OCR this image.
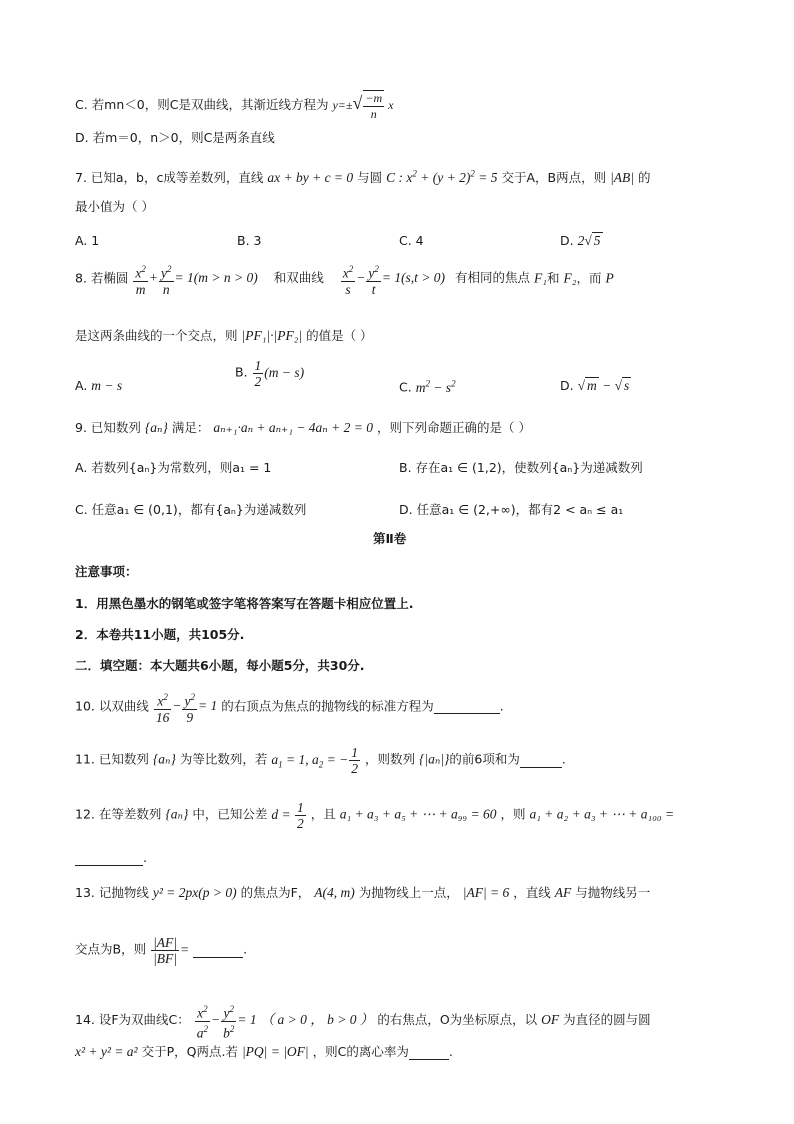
C. 若mn＜0，则C是双曲线，其渐近线方程为 $y=\pm√ \frac{-m}{n}$ x
D. 若m＝0，n＞0，则C是两条直线
7. 已知a，b，c成等差数列，直线 ax + by + c = 0 与圆 C : $x^2 + (y + 2)^2 = 5$ 交于A，B两点，则 |AB| 的
最小值为（ ）
A. 1	B. 3	C. 4	D. 2√ 5
8. 若椭圆 $\frac{x^2}{m} + \frac{y^2}{n} = 1(m > n > 0)$ 和双曲线 $\frac{x^2}{s} - \frac{y^2}{t} = 1(s,t > 0)$ 有相同的焦点 F₁和 F₂，而 P
是这两条曲线的一个交点，则 |PF₁|·|PF₂| 的值是（ ）
A. m − s
B. $\frac{1}{2} (m - s)$
C. $m^2 - s^2$	D. √ m − √ s
9. 已知数列 {aₙ} 满足： aₙ₊₁·aₙ + aₙ₊₁ − 4aₙ + 2 = 0 ，则下列命题正确的是（ ）
A. 若数列{aₙ}为常数列，则a₁ = 1	B. 存在a₁ ∈ (1,2)，使数列{aₙ}为递减数列
C. 任意a₁ ∈ (0,1)，都有{aₙ}为递减数列	D. 任意a₁ ∈ (2,+∞)，都有2 < aₙ ≤ a₁
第Ⅱ卷
注意事项：
1．用黑色墨水的钢笔或签字笔将答案写在答题卡相应位置上.
2．本卷共11小题，共105分.
二．填空题：本大题共6小题，每小题5分，共30分.
10. 以双曲线 $\frac{x^2}{16} - \frac{y^2}{9} = 1$ 的右顶点为焦点的抛物线的标准方程为	.
11. 已知数列 {aₙ} 为等比数列，若 $a_1 = 1$, $a_2$ = − $\frac{1}{2}$ ，则数列 {|aₙ|}的前6项和为	.
12. 在等差数列 {aₙ} 中，已知公差 $d = \frac{1}{2}$ ，且 a₁ + a₃ + a₅ + ⋯ + a₉₉ = 60 ，则 a₁ + a₂ + a₃ + ⋯ + a₁₀₀ =
.
13. 记抛物线 y² = 2px(p > 0) 的焦点为F， A(4, m) 为抛物线上一点， |AF| = 6 ，直线 AF 与抛物线另一
交点为B，则 $\frac{|AF|}{|BF|}$ =	.
14. 设F为双曲线C： $\frac{x^2}{a^2} - \frac{y^2}{b^2} = 1$ （ a > 0 ， b > 0 ） 的右焦点，O为坐标原点，以 OF 为直径的圆与圆
x² + y² = a² 交于P，Q两点.若 |PQ| = |OF| ，则C的离心率为	.
